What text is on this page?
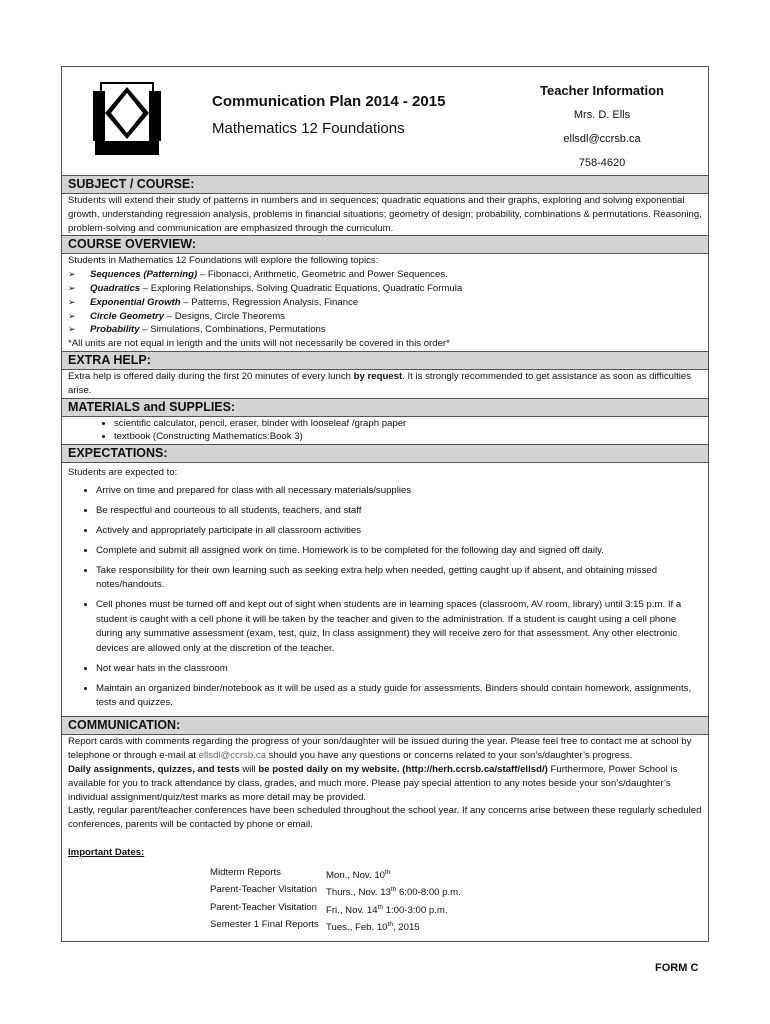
Communication Plan 2014 - 2015
Mathematics 12 Foundations
Teacher Information
Mrs. D. Ells
ellsdl@ccrsb.ca
758-4620
SUBJECT / COURSE:
Students will extend their study of patterns in numbers and in sequences; quadratic equations and their graphs, exploring and solving exponential growth, understanding regression analysis, problems in financial situations; geometry of design; probability, combinations & permutations. Reasoning, problem-solving and communication are emphasized through the curriculum.
COURSE OVERVIEW:
Students in Mathematics 12 Foundations will explore the following topics:
➢ Sequences (Patterning) – Fibonacci, Arithmetic, Geometric and Power Sequences.
➢ Quadratics – Exploring Relationships, Solving Quadratic Equations, Quadratic Formula
➢ Exponential Growth – Patterns, Regression Analysis, Finance
➢ Circle Geometry – Designs, Circle Theorems
➢ Probability – Simulations, Combinations, Permutations
*All units are not equal in length and the units will not necessarily be covered in this order*
EXTRA HELP:
Extra help is offered daily during the first 20 minutes of every lunch by request. It is strongly recommended to get assistance as soon as difficulties arise.
MATERIALS and SUPPLIES:
• scientific calculator, pencil, eraser, binder with looseleaf /graph paper
• textbook (Constructing Mathematics:Book 3)
EXPECTATIONS:
Students are expected to:
• Arrive on time and prepared for class with all necessary materials/supplies
• Be respectful and courteous to all students, teachers, and staff
• Actively and appropriately participate in all classroom activities
• Complete and submit all assigned work on time. Homework is to be completed for the following day and signed off daily.
• Take responsibility for their own learning such as seeking extra help when needed, getting caught up if absent, and obtaining missed notes/handouts.
• Cell phones must be turned off and kept out of sight when students are in learning spaces (classroom, AV room, library) until 3:15 p.m. If a student is caught with a cell phone it will be taken by the teacher and given to the administration. If a student is caught using a cell phone during any summative assessment (exam, test, quiz, In class assignment) they will receive zero for that assessment. Any other electronic devices are allowed only at the discretion of the teacher.
• Not wear hats in the classroom
• Maintain an organized binder/notebook as it will be used as a study guide for assessments. Binders should contain homework, assignments, tests and quizzes.
COMMUNICATION:
Report cards with comments regarding the progress of your son/daughter will be issued during the year. Please feel free to contact me at school by telephone or through e-mail at ellsdl@ccrsb.ca should you have any questions or concerns related to your son’s/daughter’s progress.
Daily assignments, quizzes, and tests will be posted daily on my website. (http://herh.ccrsb.ca/staff/ellsd/) Furthermore, Power School is available for you to track attendance by class, grades, and much more. Please pay special attention to any notes beside your son’s/daughter’s individual assignment/quiz/test marks as more detail may be provided.
Lastly, regular parent/teacher conferences have been scheduled throughout the school year. If any concerns arise between these regularly scheduled conferences, parents will be contacted by phone or email.
Important Dates:
Midterm Reports	Mon., Nov. 10th
Parent-Teacher Visitation Thurs., Nov. 13th 6:00-8:00 p.m.
Parent-Teacher Visitation Fri., Nov. 14th 1:00-3:00 p.m.
Semester 1 Final Reports Tues., Feb. 10th, 2015
FORM C
